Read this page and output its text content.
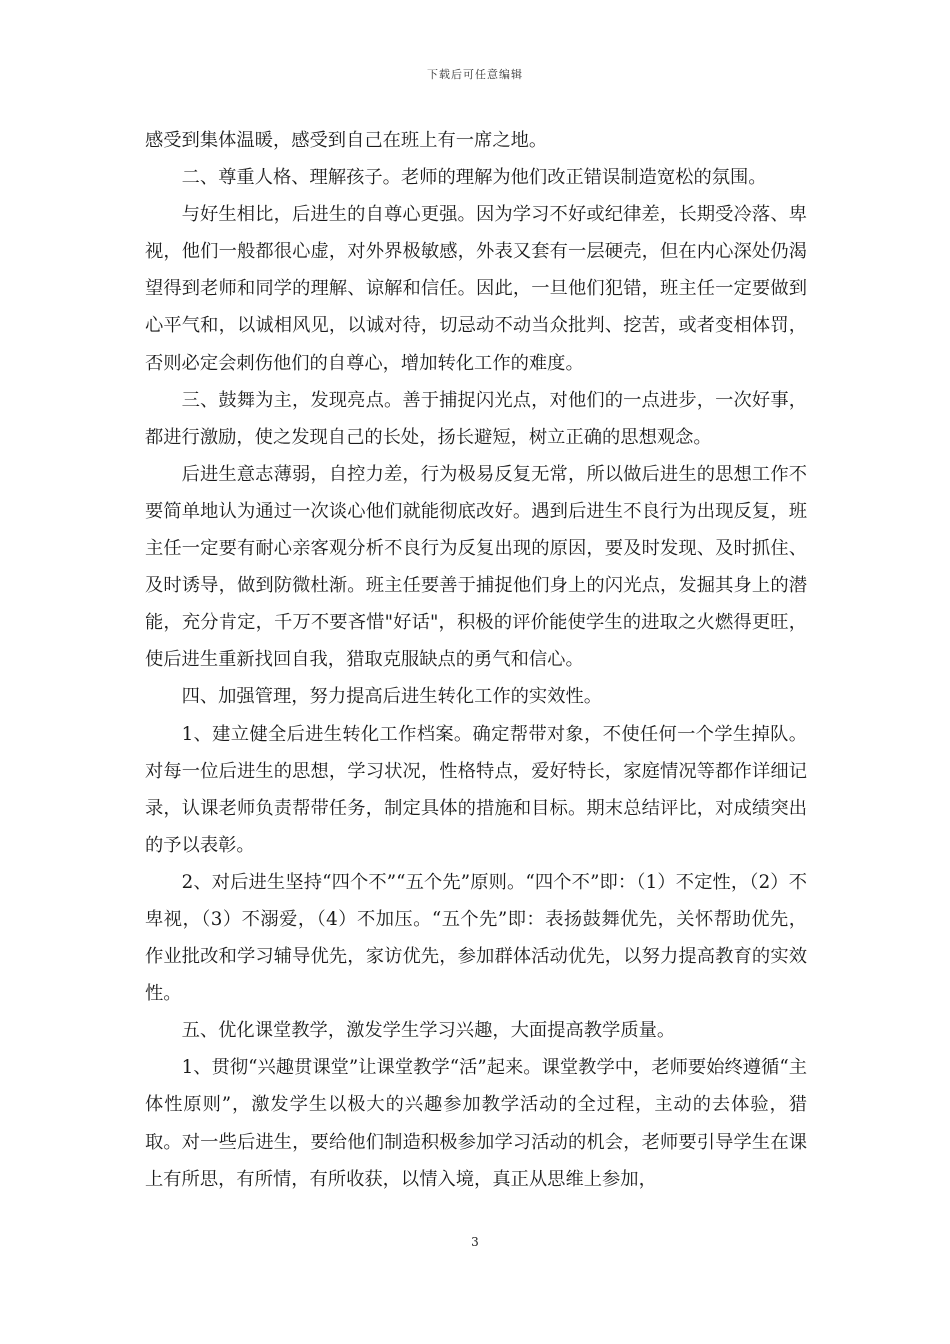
下载后可任意编辑

感受到集体温暖，感受到自己在班上有一席之地。

二、尊重人格、理解孩子。老师的理解为他们改正错误制造宽松的氛围。

与好生相比，后进生的自尊心更强。因为学习不好或纪律差，长期受冷落、卑视，他们一般都很心虚，对外界极敏感，外表又套有一层硬壳，但在内心深处仍渴望得到老师和同学的理解、谅解和信任。因此，一旦他们犯错，班主任一定要做到心平气和，以诚相风见，以诚对待，切忌动不动当众批判、挖苦，或者变相体罚，否则必定会刺伤他们的自尊心，增加转化工作的难度。

三、鼓舞为主，发现亮点。善于捕捉闪光点，对他们的一点进步，一次好事，都进行激励，使之发现自己的长处，扬长避短，树立正确的思想观念。

后进生意志薄弱，自控力差，行为极易反复无常，所以做后进生的思想工作不要简单地认为通过一次谈心他们就能彻底改好。遇到后进生不良行为出现反复，班主任一定要有耐心亲客观分析不良行为反复出现的原因，要及时发现、及时抓住、及时诱导，做到防微杜渐。班主任要善于捕捉他们身上的闪光点，发掘其身上的潜能，充分肯定，千万不要吝惜"好话"，积极的评价能使学生的进取之火燃得更旺，使后进生重新找回自我，猎取克服缺点的勇气和信心。

四、加强管理，努力提高后进生转化工作的实效性。

1、建立健全后进生转化工作档案。确定帮带对象，不使任何一个学生掉队。对每一位后进生的思想，学习状况，性格特点，爱好特长，家庭情况等都作详细记录，认课老师负责帮带任务，制定具体的措施和目标。期末总结评比，对成绩突出的予以表彰。

2、对后进生坚持“四个不”“五个先”原则。“四个不”即：（1）不定性，（2）不卑视，（3）不溺爱，（4）不加压。“五个先”即：表扬鼓舞优先，关怀帮助优先，作业批改和学习辅导优先，家访优先，参加群体活动优先，以努力提高教育的实效性。

五、优化课堂教学，激发学生学习兴趣，大面提高教学质量。

1、贯彻“兴趣贯课堂”让课堂教学“活”起来。课堂教学中，老师要始终遵循“主体性原则”，激发学生以极大的兴趣参加教学活动的全过程，主动的去体验，猎取。对一些后进生，要给他们制造积极参加学习活动的机会，老师要引导学生在课上有所思，有所情，有所收获，以情入境，真正从思维上参加，

3
